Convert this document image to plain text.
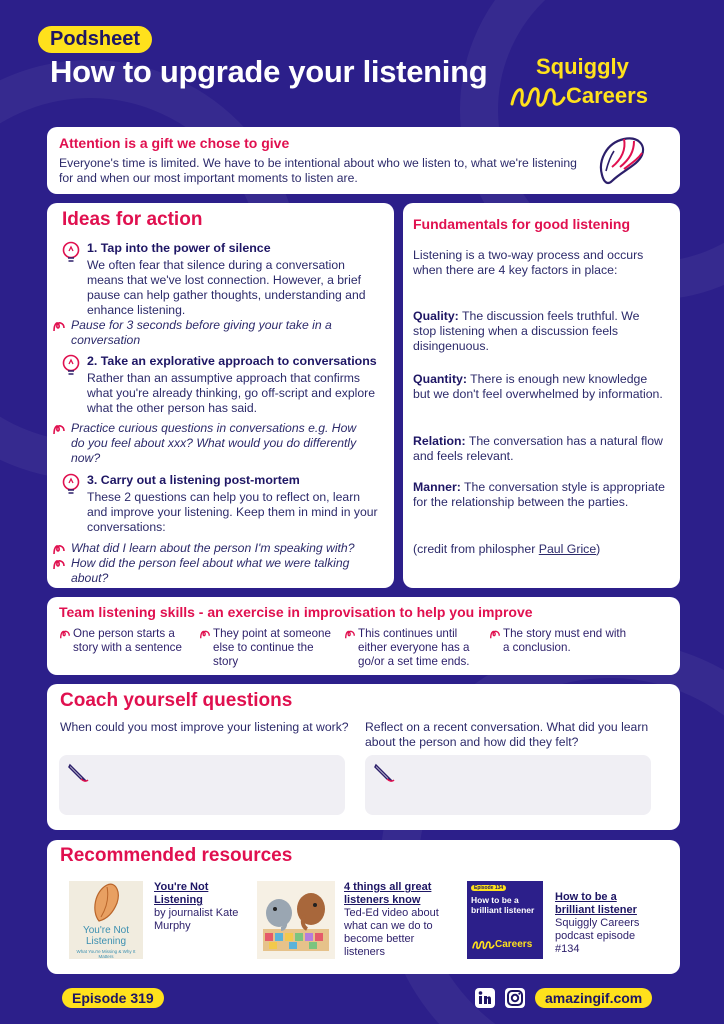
Podsheet
How to upgrade your listening Squiggly
Careers
Attention is a gift we chose to give
Everyone's time is limited. We have to be intentional about who we listen to, what we're listening for and when our most important moments to listen are.
Ideas for action
1. Tap into the power of silence
We often fear that silence during a conversation means that we've lost connection. However, a brief pause can help gather thoughts, understanding and enhance listening.
Pause for 3 seconds before giving your take in a conversation
2. Take an explorative approach to conversations
Rather than an assumptive approach that confirms what you're already thinking, go off-script and explore what the other person has said.
Practice curious questions in conversations e.g. How do you feel about xxx? What would you do differently now?
3. Carry out a listening post-mortem
These 2 questions can help you to reflect on, learn and improve your listening. Keep them in mind in your conversations:
What did I learn about the person I'm speaking with?
How did the person feel about what we were talking about?
Fundamentals for good listening
Listening is a two-way process and occurs when there are 4 key factors in place:
Quality: The discussion feels truthful. We stop listening when a discussion feels disingenuous.
Quantity: There is enough new knowledge but we don't feel overwhelmed by information.
Relation: The conversation has a natural flow and feels relevant.
Manner: The conversation style is appropriate for the relationship between the parties.
(credit from philospher Paul Grice)
Team listening skills - an exercise in improvisation to help you improve
One person starts a story with a sentence
They point at someone else to continue the story
This continues until either everyone has a go/or a set time ends.
The story must end with a conclusion.
Coach yourself questions
When could you most improve your listening at work? Reflect on a recent conversation. What did you learn about the person and how did they felt?
Recommended resources
You're Not Listening
What You're Missing & Why It Matters
You're Not Listening
by journalist Kate Murphy
4 things all great listeners know
Ted-Ed video about what can we do to become better listeners
Episode 134
How to be a brilliant listener
Careers
How to be a brilliant listener
Squiggly Careers podcast episode #134
Episode 319	amazingif.com
